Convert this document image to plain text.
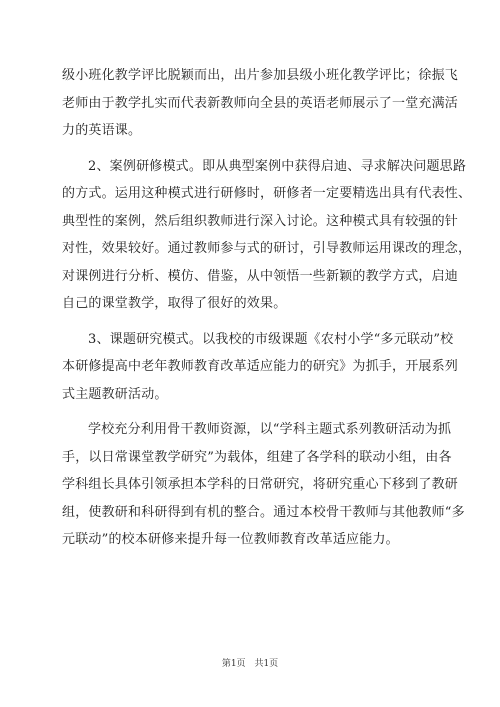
级小班化教学评比脱颖而出，出片参加县级小班化教学评比；徐振飞
老师由于教学扎实而代表新教师向全县的英语老师展示了一堂充满活
力的英语课。
2、案例研修模式。即从典型案例中获得启迪、寻求解决问题思路
的方式。运用这种模式进行研修时，研修者一定要精选出具有代表性、
典型性的案例，然后组织教师进行深入讨论。这种模式具有较强的针
对性，效果较好。通过教师参与式的研讨，引导教师运用课改的理念，
对课例进行分析、模仿、借鉴，从中领悟一些新颖的教学方式，启迪
自己的课堂教学，取得了很好的效果。
3、课题研究模式。以我校的市级课题《农村小学“多元联动”校
本研修提高中老年教师教育改革适应能力的研究》为抓手，开展系列
式主题教研活动。
学校充分利用骨干教师资源，以“学科主题式系列教研活动为抓
手，以日常课堂教学研究”为载体，组建了各学科的联动小组，由各
学科组长具体引领承担本学科的日常研究，将研究重心下移到了教研
组，使教研和科研得到有机的整合。通过本校骨干教师与其他教师“多
元联动”的校本研修来提升每一位教师教育改革适应能力。
第1页 共1页
